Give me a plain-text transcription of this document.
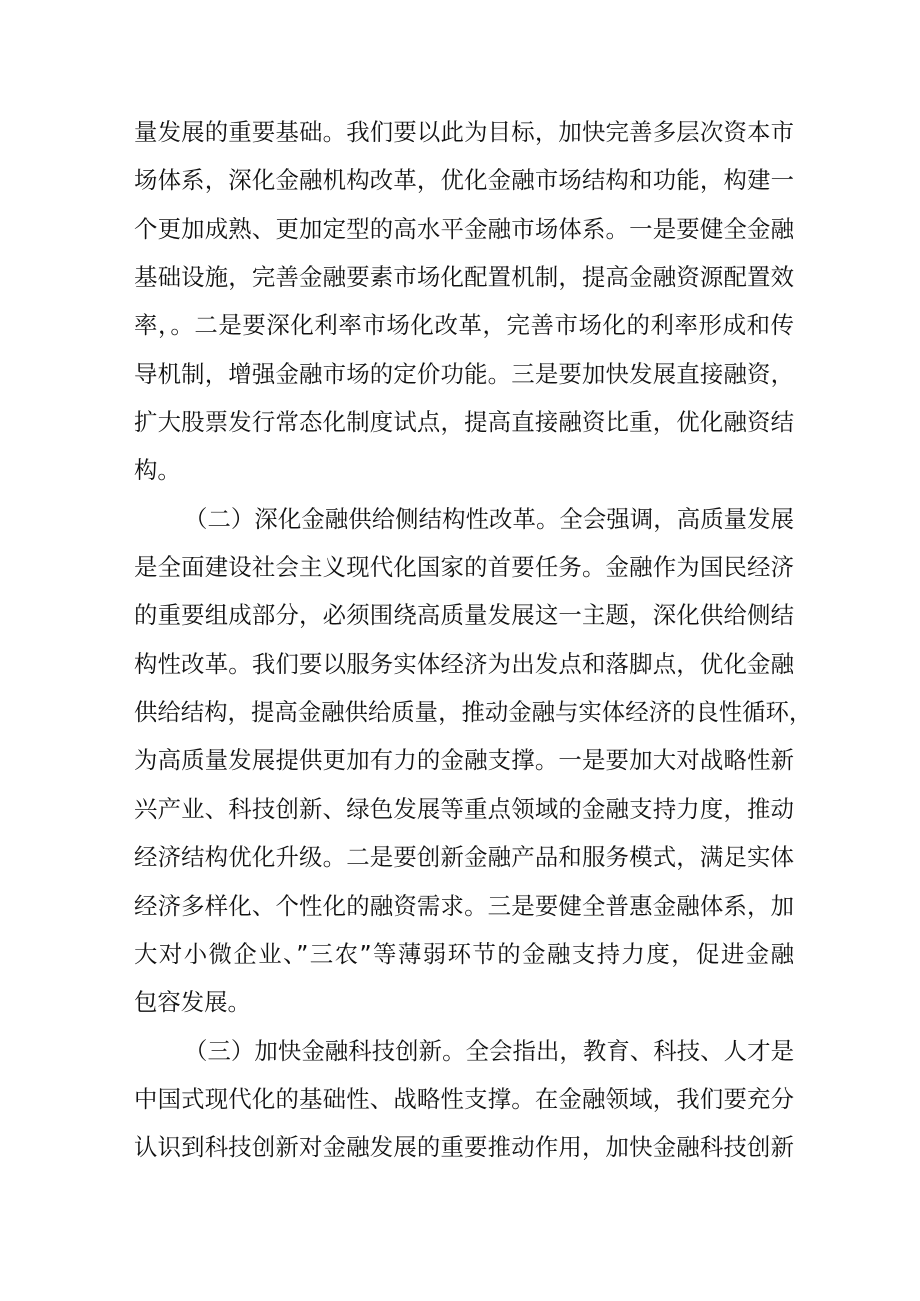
量发展的重要基础。我们要以此为目标，加快完善多层次资本市
场体系，深化金融机构改革，优化金融市场结构和功能，构建一
个更加成熟、更加定型的高水平金融市场体系。一是要健全金融
基础设施，完善金融要素市场化配置机制，提高金融资源配置效
率，。二是要深化利率市场化改革，完善市场化的利率形成和传
导机制，增强金融市场的定价功能。三是要加快发展直接融资，
扩大股票发行常态化制度试点，提高直接融资比重，优化融资结
构。
（二）深化金融供给侧结构性改革。全会强调，高质量发展
是全面建设社会主义现代化国家的首要任务。金融作为国民经济
的重要组成部分，必须围绕高质量发展这一主题，深化供给侧结
构性改革。我们要以服务实体经济为出发点和落脚点，优化金融
供给结构，提高金融供给质量，推动金融与实体经济的良性循环，
为高质量发展提供更加有力的金融支撑。一是要加大对战略性新
兴产业、科技创新、绿色发展等重点领域的金融支持力度，推动
经济结构优化升级。二是要创新金融产品和服务模式，满足实体
经济多样化、个性化的融资需求。三是要健全普惠金融体系，加
大对小微企业、”三农”等薄弱环节的金融支持力度，促进金融
包容发展。
（三）加快金融科技创新。全会指出，教育、科技、人才是
中国式现代化的基础性、战略性支撑。在金融领域，我们要充分
认识到科技创新对金融发展的重要推动作用，加快金融科技创新
